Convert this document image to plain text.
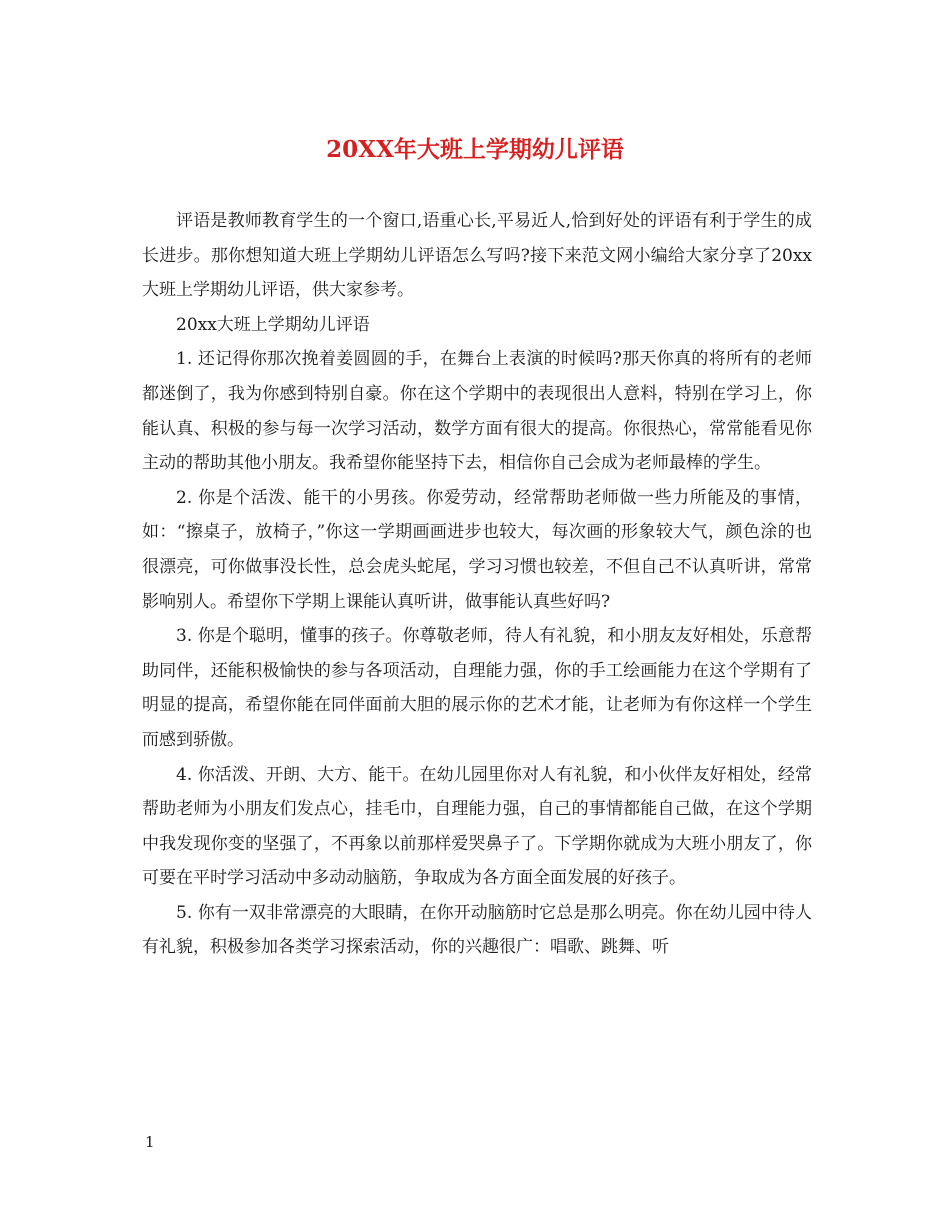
20XX年大班上学期幼儿评语

评语是教师教育学生的一个窗口,语重心长,平易近人,恰到好处的评语有利于学生的成长进步。那你想知道大班上学期幼儿评语怎么写吗?接下来范文网小编给大家分享了20xx大班上学期幼儿评语，供大家参考。

20xx大班上学期幼儿评语

1. 还记得你那次挽着姜圆圆的手，在舞台上表演的时候吗?那天你真的将所有的老师都迷倒了，我为你感到特别自豪。你在这个学期中的表现很出人意料，特别在学习上，你能认真、积极的参与每一次学习活动，数学方面有很大的提高。你很热心，常常能看见你主动的帮助其他小朋友。我希望你能坚持下去，相信你自己会成为老师最棒的学生。

2. 你是个活泼、能干的小男孩。你爱劳动，经常帮助老师做一些力所能及的事情，如：“擦桌子，放椅子，”你这一学期画画进步也较大，每次画的形象较大气，颜色涂的也很漂亮，可你做事没长性，总会虎头蛇尾，学习习惯也较差，不但自己不认真听讲，常常影响别人。希望你下学期上课能认真听讲，做事能认真些好吗?

3. 你是个聪明，懂事的孩子。你尊敬老师，待人有礼貌，和小朋友友好相处，乐意帮助同伴，还能积极愉快的参与各项活动，自理能力强，你的手工绘画能力在这个学期有了明显的提高，希望你能在同伴面前大胆的展示你的艺术才能，让老师为有你这样一个学生而感到骄傲。

4. 你活泼、开朗、大方、能干。在幼儿园里你对人有礼貌，和小伙伴友好相处，经常帮助老师为小朋友们发点心，挂毛巾，自理能力强，自己的事情都能自己做，在这个学期中我发现你变的坚强了，不再象以前那样爱哭鼻子了。下学期你就成为大班小朋友了，你可要在平时学习活动中多动动脑筋，争取成为各方面全面发展的好孩子。

5. 你有一双非常漂亮的大眼睛，在你开动脑筋时它总是那么明亮。你在幼儿园中待人有礼貌，积极参加各类学习探索活动，你的兴趣很广：唱歌、跳舞、听

1
